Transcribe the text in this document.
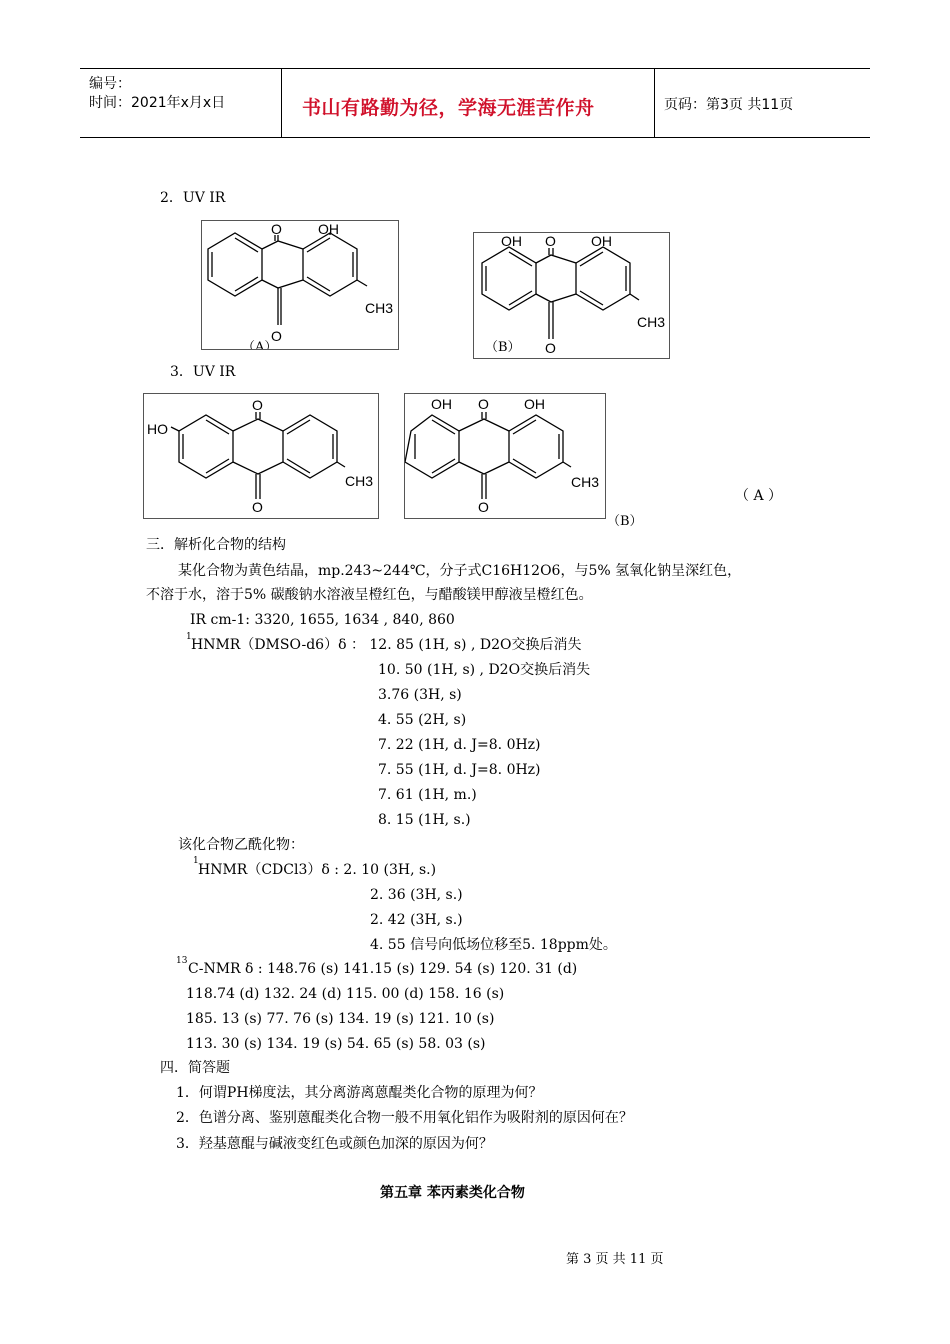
编号：
时间：2021年x月x日	书山有路勤为径，学海无涯苦作舟	页码：第3页 共11页
2．UV IR
O	OH
O
CH3
（A）
OH O	OH
O
CH3
（B）
3．UV IR
O
HO
O
CH3
OH O	OH
O
CH3
（B）
（ A ）
三．解析化合物的结构
某化合物为黄色结晶，mp.243~244℃，分子式C16H12O6，与5% 氢氧化钠呈深红色，
不溶于水，溶于5% 碳酸钠水溶液呈橙红色，与醋酸镁甲醇液呈橙红色。
IR cm-1: 3320, 1655, 1634 , 840, 860
1 HNMR（DMSO-d6）δ ： 12. 85 (1H, s) , D2O交换后消失
10. 50 (1H, s) , D2O交换后消失
3.76 (3H, s)
4. 55 (2H, s)
7. 22 (1H, d. J=8. 0Hz)
7. 55 (1H, d. J=8. 0Hz)
7. 61 (1H, m.)
8. 15 (1H, s.)
该化合物乙酰化物：
1
HNMR（CDCl3）δ : 2. 10 (3H, s.)
2. 36 (3H, s.)
2. 42 (3H, s.)
4. 55 信号向低场位移至5. 18ppm处。
13 C-NMR δ : 148.76 (s) 141.15 (s) 129. 54 (s) 120. 31 (d)
118.74 (d) 132. 24 (d) 115. 00 (d) 158. 16 (s)
185. 13 (s) 77. 76 (s) 134. 19 (s) 121. 10 (s)
113. 30 (s) 134. 19 (s) 54. 65 (s) 58. 03 (s)
四．简答题
1．何谓PH梯度法，其分离游离蒽醌类化合物的原理为何？
2．色谱分离、鉴别蒽醌类化合物一般不用氧化铝作为吸附剂的原因何在？
3．羟基蒽醌与碱液变红色或颜色加深的原因为何？
第五章 苯丙素类化合物
第 3 页 共 11 页
